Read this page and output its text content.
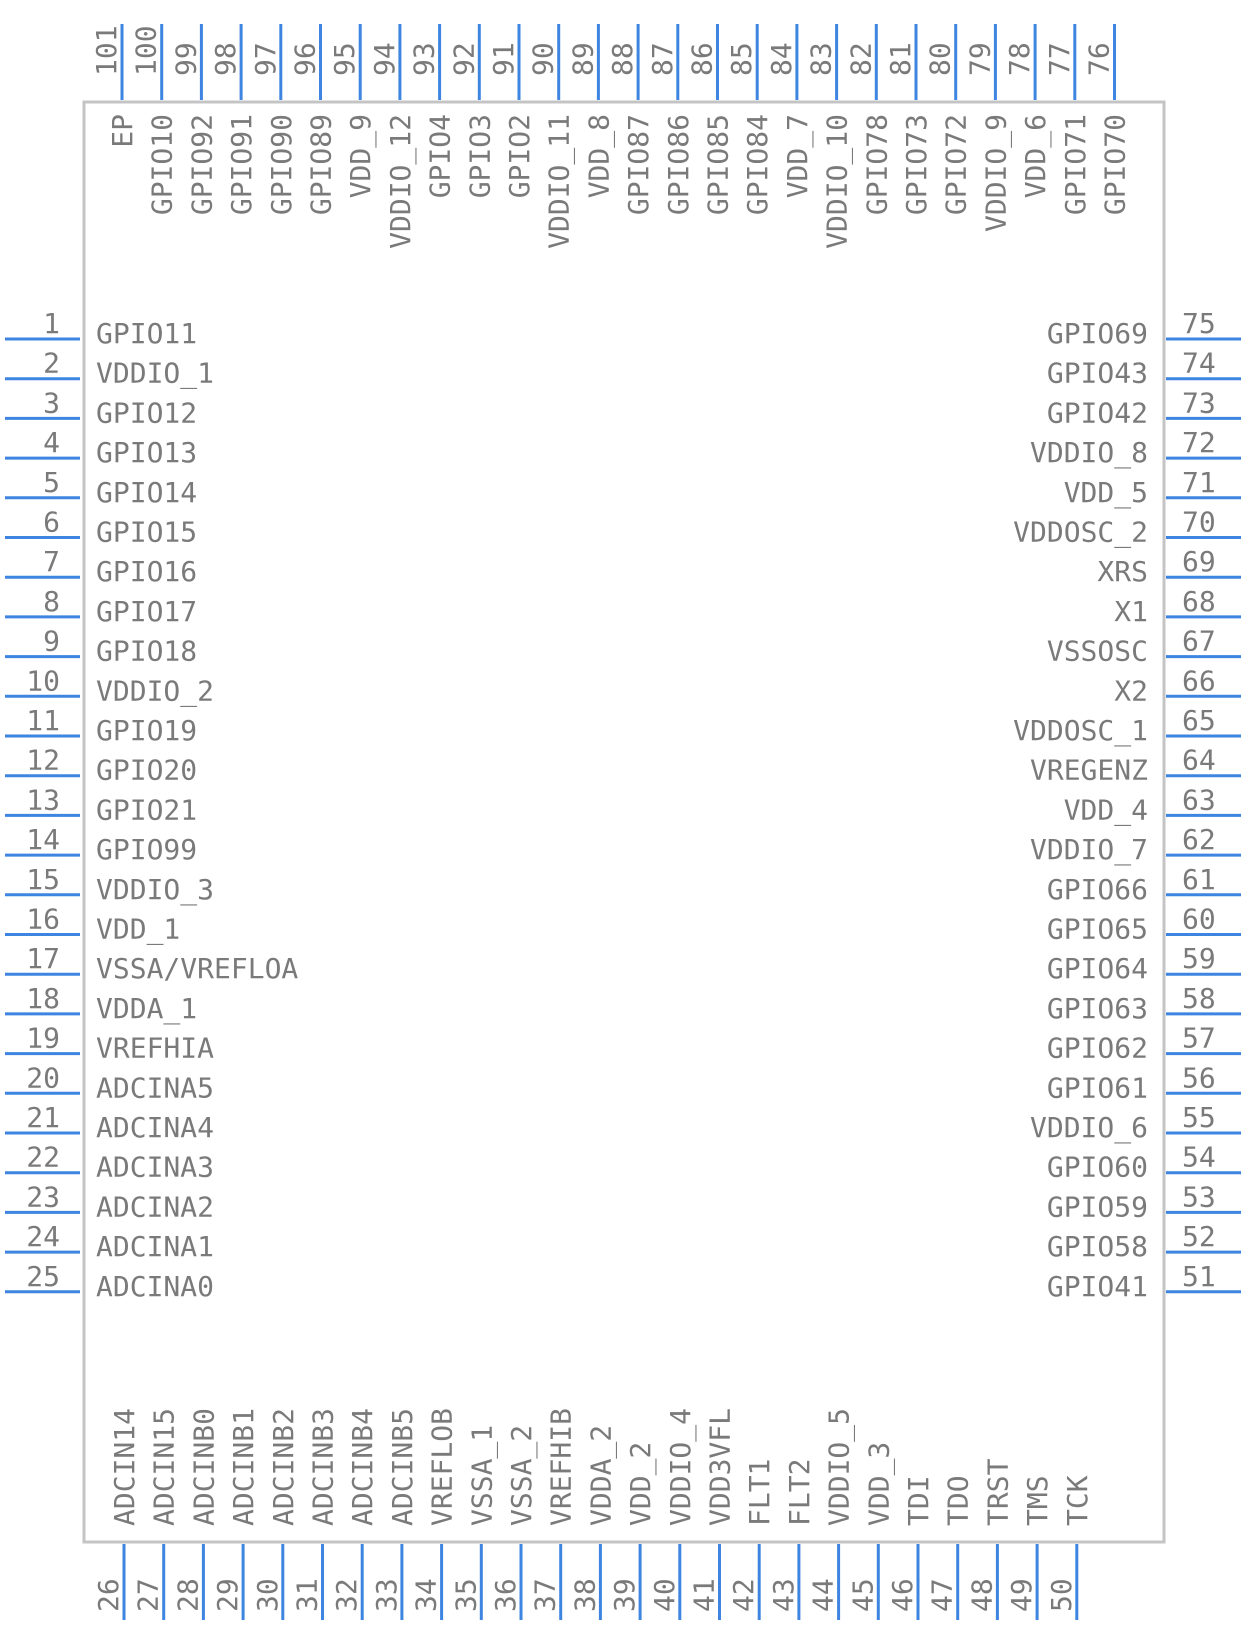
1 GPIO11
2 VDDIO_1
3 GPIO12
4 GPIO13
5 GPIO14
6 GPIO15
7 GPIO16
8 GPIO17
9 GPIO18
10 VDDIO_2
11 GPIO19
12 GPIO20
13 GPIO21
14 GPIO99
15 VDDIO_3
16 VDD_1
17 VSSA/VREFLOA
18 VDDA_1
19 VREFHIA
20 ADCINA5
21 ADCINA4
22 ADCINA3
23 ADCINA2
24 ADCINA1
25 ADCINA0
75
GPIO69
74
GPIO43
73
GPIO42
72
VDDIO_8
71
VDD_5
70
VDDOSC_2
69
XRS
68
X1
67
VSSOSC
66
X2
65
VDDOSC_1
64
VREGENZ
63
VDD_4
62
VDDIO_7
61
GPIO66
60
GPIO65
59
GPIO64
58
GPIO63
57
GPIO62
56
GPIO61
55
VDDIO_6
54
GPIO60
53
GPIO59
52
GPIO58
51
GPIO41
26
ADCIN14
27
ADCIN15
28
ADCINB0
29
ADCINB1
30
ADCINB2
31
ADCINB3
32
ADCINB4
33
ADCINB5
34
VREFLOB
35
VSSA_1
36
VSSA_2
37
VREFHIB
38
VDDA_2
39
VDD_2
40
VDDIO_4
41
VDD3VFL
42
FLT1
43
FLT2
44
VDDIO_5
45
VDD_3
46
TDI
47
TDO
48
TRST
49
TMS
50
TCK
101
EP
100
GPIO10
99
GPIO92
98
GPIO91
97
GPIO90
96
GPIO89
95
VDD_9
94
VDDIO_12
93
GPIO4
92
GPIO3
91
GPIO2
90
VDDIO_11
89
VDD_8
88
GPIO87
87
GPIO86
86
GPIO85
85
GPIO84
84
VDD_7
83
VDDIO_10
82
GPIO78
81
GPIO73
80
GPIO72
79
VDDIO_9
78
VDD_6
77
GPIO71
76
GPIO70
